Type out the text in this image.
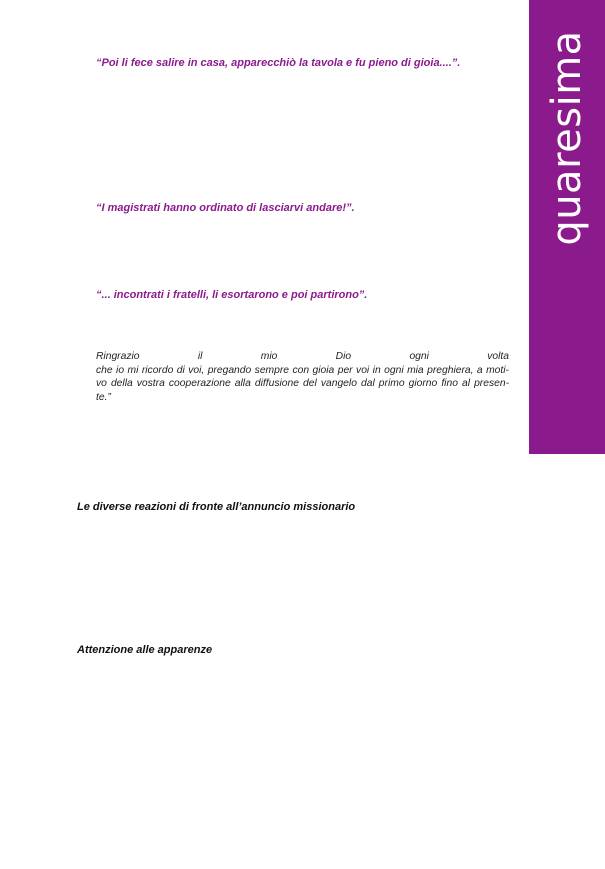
quaresima
“Poi li fece salire in casa, apparecchiò la tavola e fu pieno di gioia....”.
“I magistrati hanno ordinato di lasciarvi andare!”.
“... incontrati i fratelli, li esortarono e poi partirono”.
Ringrazio il mio Dio ogni volta
che io mi ricordo di voi, pregando sempre con gioia per voi in ogni mia preghiera, a moti-
vo della vostra cooperazione alla diffusione del vangelo dal primo giorno fino al presen-
te.”
Le diverse reazioni di fronte all’annuncio missionario
Attenzione alle apparenze
